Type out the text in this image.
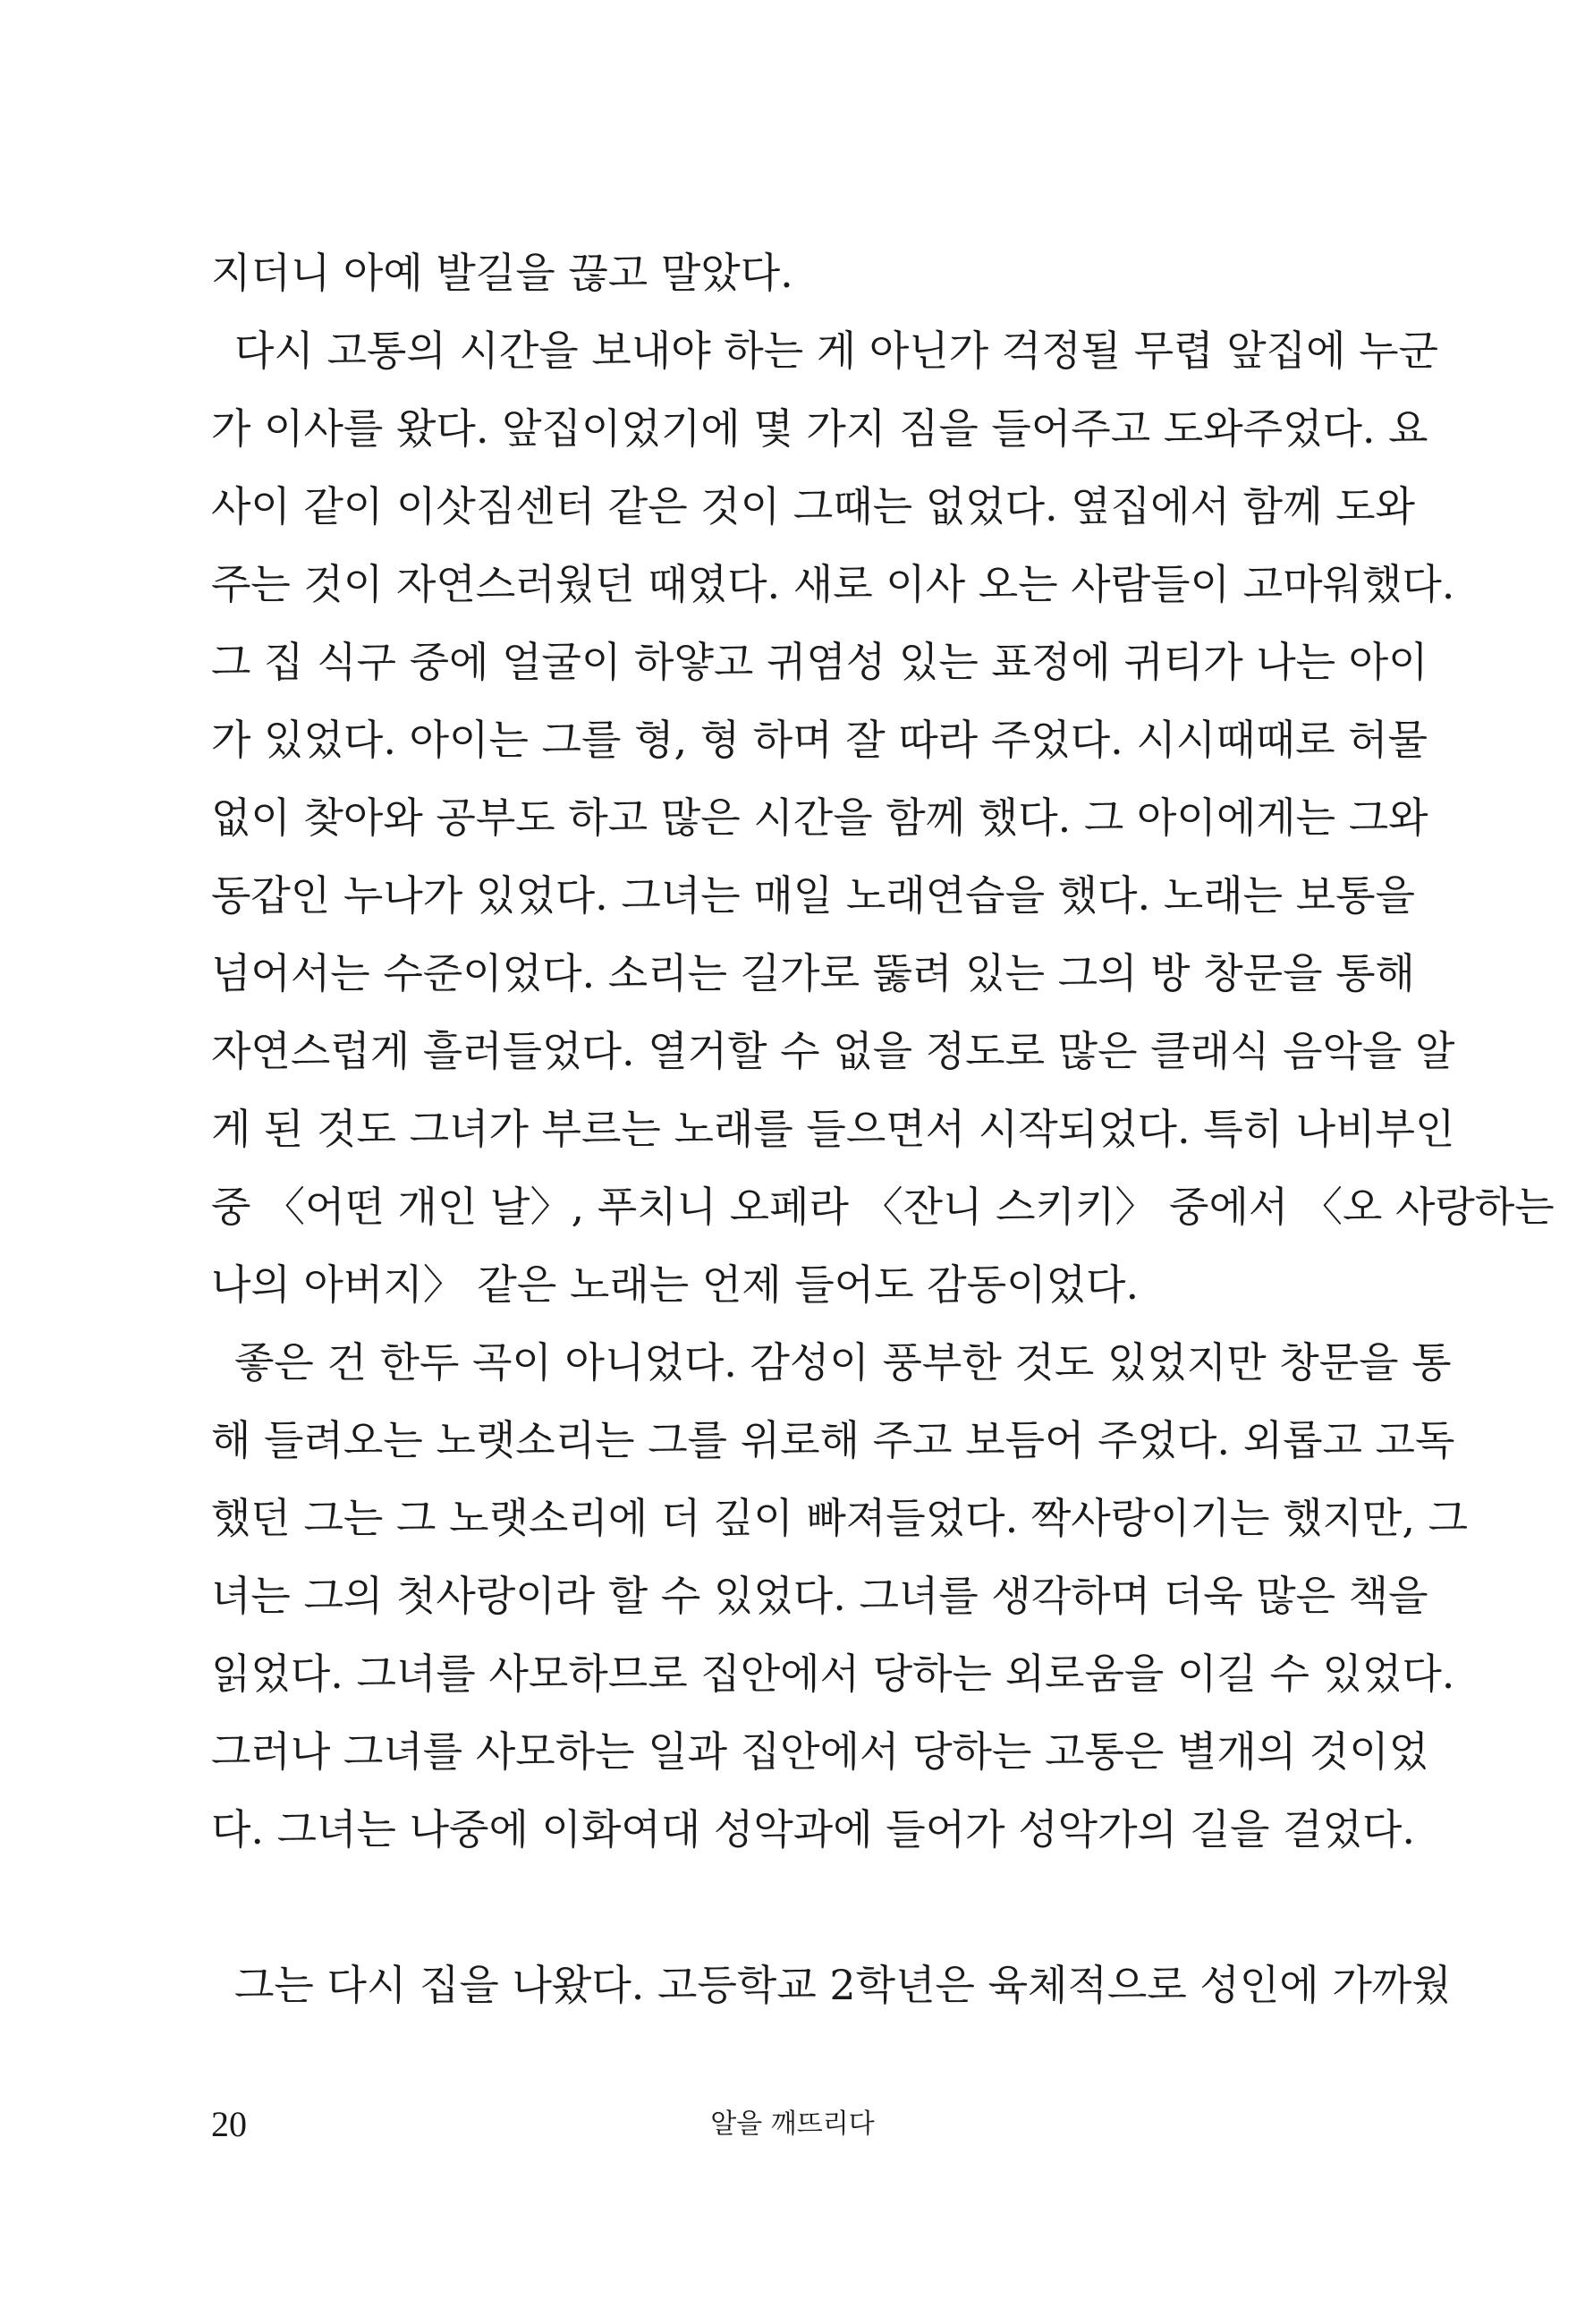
지더니 아예 발길을 끊고 말았다.
다시 고통의 시간을 보내야 하는 게 아닌가 걱정될 무렵 앞집에 누군
가 이사를 왔다. 앞집이었기에 몇 가지 짐을 들어주고 도와주었다. 요
사이 같이 이삿짐센터 같은 것이 그때는 없었다. 옆집에서 함께 도와
주는 것이 자연스러웠던 때였다. 새로 이사 오는 사람들이 고마워했다.
그 집 식구 중에 얼굴이 하얗고 귀염성 있는 표정에 귀티가 나는 아이
가 있었다. 아이는 그를 형, 형 하며 잘 따라 주었다. 시시때때로 허물
없이 찾아와 공부도 하고 많은 시간을 함께 했다. 그 아이에게는 그와
동갑인 누나가 있었다. 그녀는 매일 노래연습을 했다. 노래는 보통을
넘어서는 수준이었다. 소리는 길가로 뚫려 있는 그의 방 창문을 통해
자연스럽게 흘러들었다. 열거할 수 없을 정도로 많은 클래식 음악을 알
게 된 것도 그녀가 부르는 노래를 들으면서 시작되었다. 특히 나비부인
중 〈어떤 개인 날〉, 푸치니 오페라 〈잔니 스키키〉 중에서 〈오 사랑하는
나의 아버지〉 같은 노래는 언제 들어도 감동이었다.
좋은 건 한두 곡이 아니었다. 감성이 풍부한 것도 있었지만 창문을 통
해 들려오는 노랫소리는 그를 위로해 주고 보듬어 주었다. 외롭고 고독
했던 그는 그 노랫소리에 더 깊이 빠져들었다. 짝사랑이기는 했지만, 그
녀는 그의 첫사랑이라 할 수 있었다. 그녀를 생각하며 더욱 많은 책을
읽었다. 그녀를 사모하므로 집안에서 당하는 외로움을 이길 수 있었다.
그러나 그녀를 사모하는 일과 집안에서 당하는 고통은 별개의 것이었
다. 그녀는 나중에 이화여대 성악과에 들어가 성악가의 길을 걸었다.
그는 다시 집을 나왔다. 고등학교 2학년은 육체적으로 성인에 가까웠
20	알을 깨뜨리다
